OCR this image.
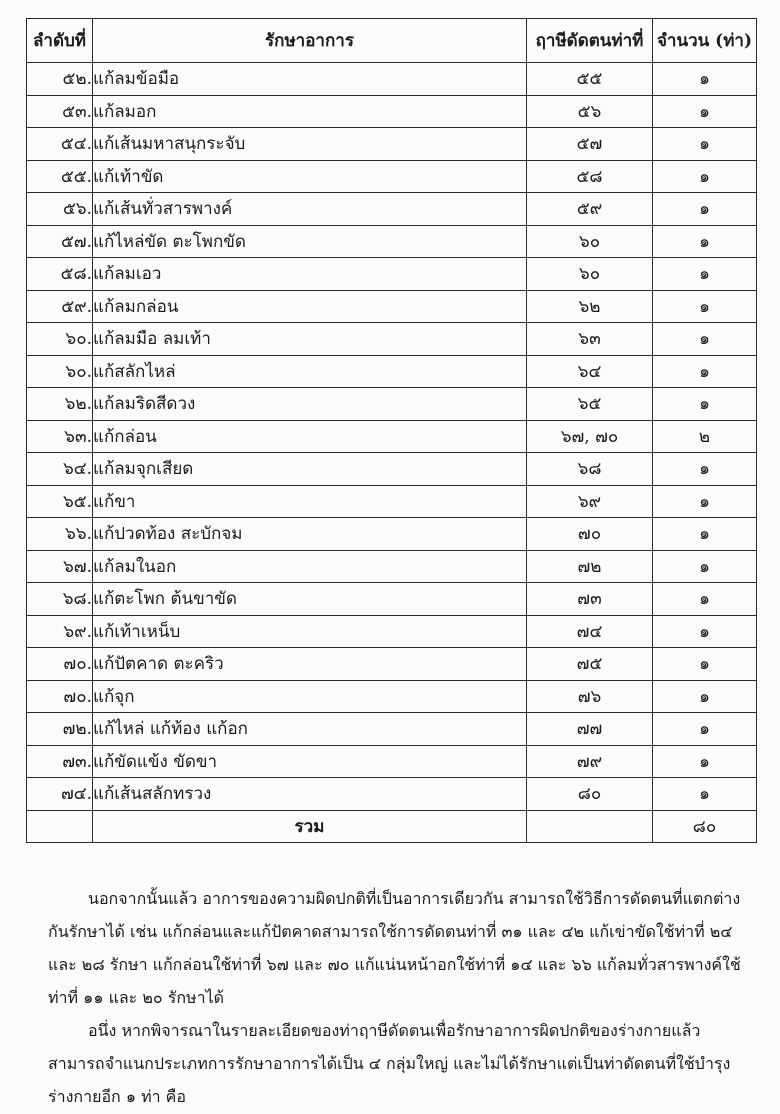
ลำดับที่	รักษาอาการ	ฤาษีดัดตนท่าที่	จำนวน (ท่า)
๕๒.	แก้ลมข้อมือ	๕๕	๑
๕๓.	แก้ลมอก	๕๖	๑
๕๔.	แก้เส้นมหาสนุกระจับ	๕๗	๑
๕๕.	แก้เท้าขัด	๕๘	๑
๕๖.	แก้เส้นทั่วสารพางค์	๕๙	๑
๕๗.	แก้ไหล่ขัด ตะโพกขัด	๖๐	๑
๕๘.	แก้ลมเอว	๖๐	๑
๕๙.	แก้ลมกล่อน	๖๒	๑
๖๐.	แก้ลมมือ ลมเท้า	๖๓	๑
๖๐.	แก้สลักไหล่	๖๔	๑
๖๒.	แก้ลมริดสีดวง	๖๕	๑
๖๓.	แก้กล่อน	๖๗, ๗๐	๒
๖๔.	แก้ลมจุกเสียด	๖๘	๑
๖๕.	แก้ขา	๖๙	๑
๖๖.	แก้ปวดท้อง สะบักจม	๗๐	๑
๖๗.	แก้ลมในอก	๗๒	๑
๖๘.	แก้ตะโพก ต้นขาขัด	๗๓	๑
๖๙.	แก้เท้าเหน็บ	๗๔	๑
๗๐.	แก้ปัตคาด ตะคริว	๗๕	๑
๗๐.	แก้จุก	๗๖	๑
๗๒.	แก้ไหล่ แก้ท้อง แก้อก	๗๗	๑
๗๓.	แก้ขัดแข้ง ขัดขา	๗๙	๑
๗๔.	แก้เส้นสลักทรวง	๘๐	๑
	รวม		๘๐

นอกจากนั้นแล้ว อาการของความผิดปกติที่เป็นอาการเดียวกัน สามารถใช้วิธีการดัดตนที่แตกต่างกันรักษาได้ เช่น แก้กล่อนและแก้ปัตคาดสามารถใช้การดัดตนท่าที่ ๓๑ และ ๔๒ แก้เข่าขัดใช้ท่าที่ ๒๔ และ ๒๘ รักษา แก้กล่อนใช้ท่าที่ ๖๗ และ ๗๐ แก้แน่นหน้าอกใช้ท่าที่ ๑๔ และ ๖๖ แก้ลมทั่วสารพางค์ใช้ท่าที่ ๑๑ และ ๒๐ รักษาได้

อนึ่ง หากพิจารณาในรายละเอียดของท่าฤาษีดัดตนเพื่อรักษาอาการผิดปกติของร่างกายแล้ว สามารถจำแนกประเภทการรักษาอาการได้เป็น ๔ กลุ่มใหญ่ และไม่ได้รักษาแต่เป็นท่าดัดตนที่ใช้บำรุงร่างกายอีก ๑ ท่า คือ
